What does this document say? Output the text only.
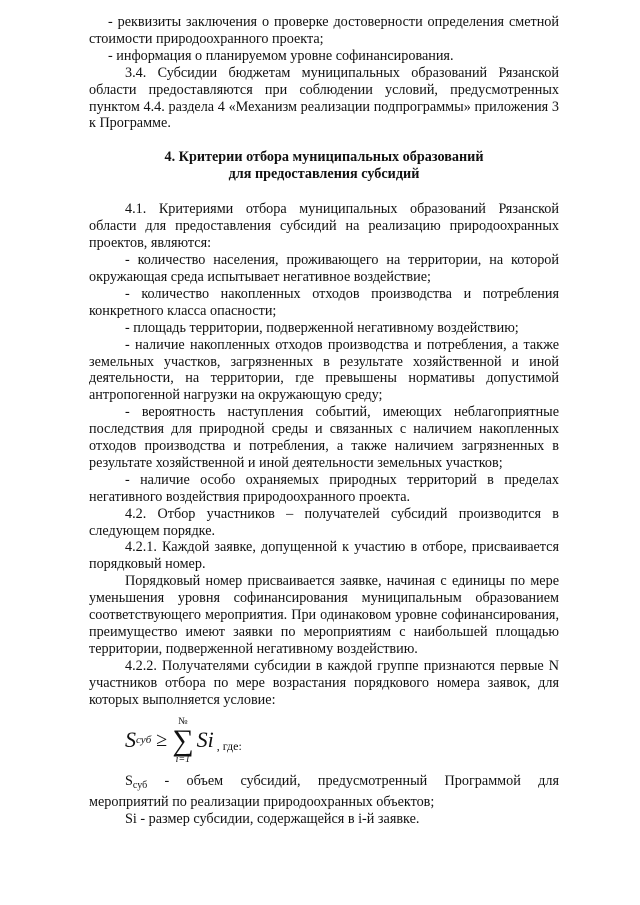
- реквизиты заключения о проверке достоверности определения сметной стоимости природоохранного проекта;

- информация о планируемом уровне софинансирования.

3.4. Субсидии бюджетам муниципальных образований Рязанской области предоставляются при соблюдении условий, предусмотренных пунктом 4.4. раздела 4 «Механизм реализации подпрограммы» приложения 3 к Программе.

4. Критерии отбора муниципальных образований

для предоставления субсидий

4.1. Критериями отбора муниципальных образований Рязанской области для предоставления субсидий на реализацию природоохранных проектов, являются:

- количество населения, проживающего на территории, на которой окружающая среда испытывает негативное воздействие;

- количество накопленных отходов производства и потребления конкретного класса опасности;

- площадь территории, подверженной негативному воздействию;

- наличие накопленных отходов производства и потребления, а также земельных участков, загрязненных в результате хозяйственной и иной деятельности, на территории, где превышены нормативы допустимой антропогенной нагрузки на окружающую среду;

- вероятность наступления событий, имеющих неблагоприятные последствия для природной среды и связанных с наличием накопленных отходов производства и потребления, а также наличием загрязненных в результате хозяйственной и иной деятельности земельных участков;

- наличие особо охраняемых природных территорий в пределах негативного воздействия природоохранного проекта.

4.2. Отбор участников – получателей субсидий производится в следующем порядке.

4.2.1. Каждой заявке, допущенной к участию в отборе, присваивается порядковый номер.

Порядковый номер присваивается заявке, начиная с единицы по мере уменьшения уровня софинансирования муниципальным образованием соответствующего мероприятия. При одинаковом уровне софинансирования, преимущество имеют заявки по мероприятиям с наибольшей площадью территории, подверженной негативному воздействию.

4.2.2. Получателями субсидии в каждой группе признаются первые N участников отбора по мере возрастания порядкового номера заявок, для которых выполняется условие:

S суб ≥
№
∑
i=1
Si , где:

$S_{суб}$ - объем субсидий, предусмотренный Программой для мероприятий по реализации природоохранных объектов;

Si - размер субсидии, содержащейся в i-й заявке.
